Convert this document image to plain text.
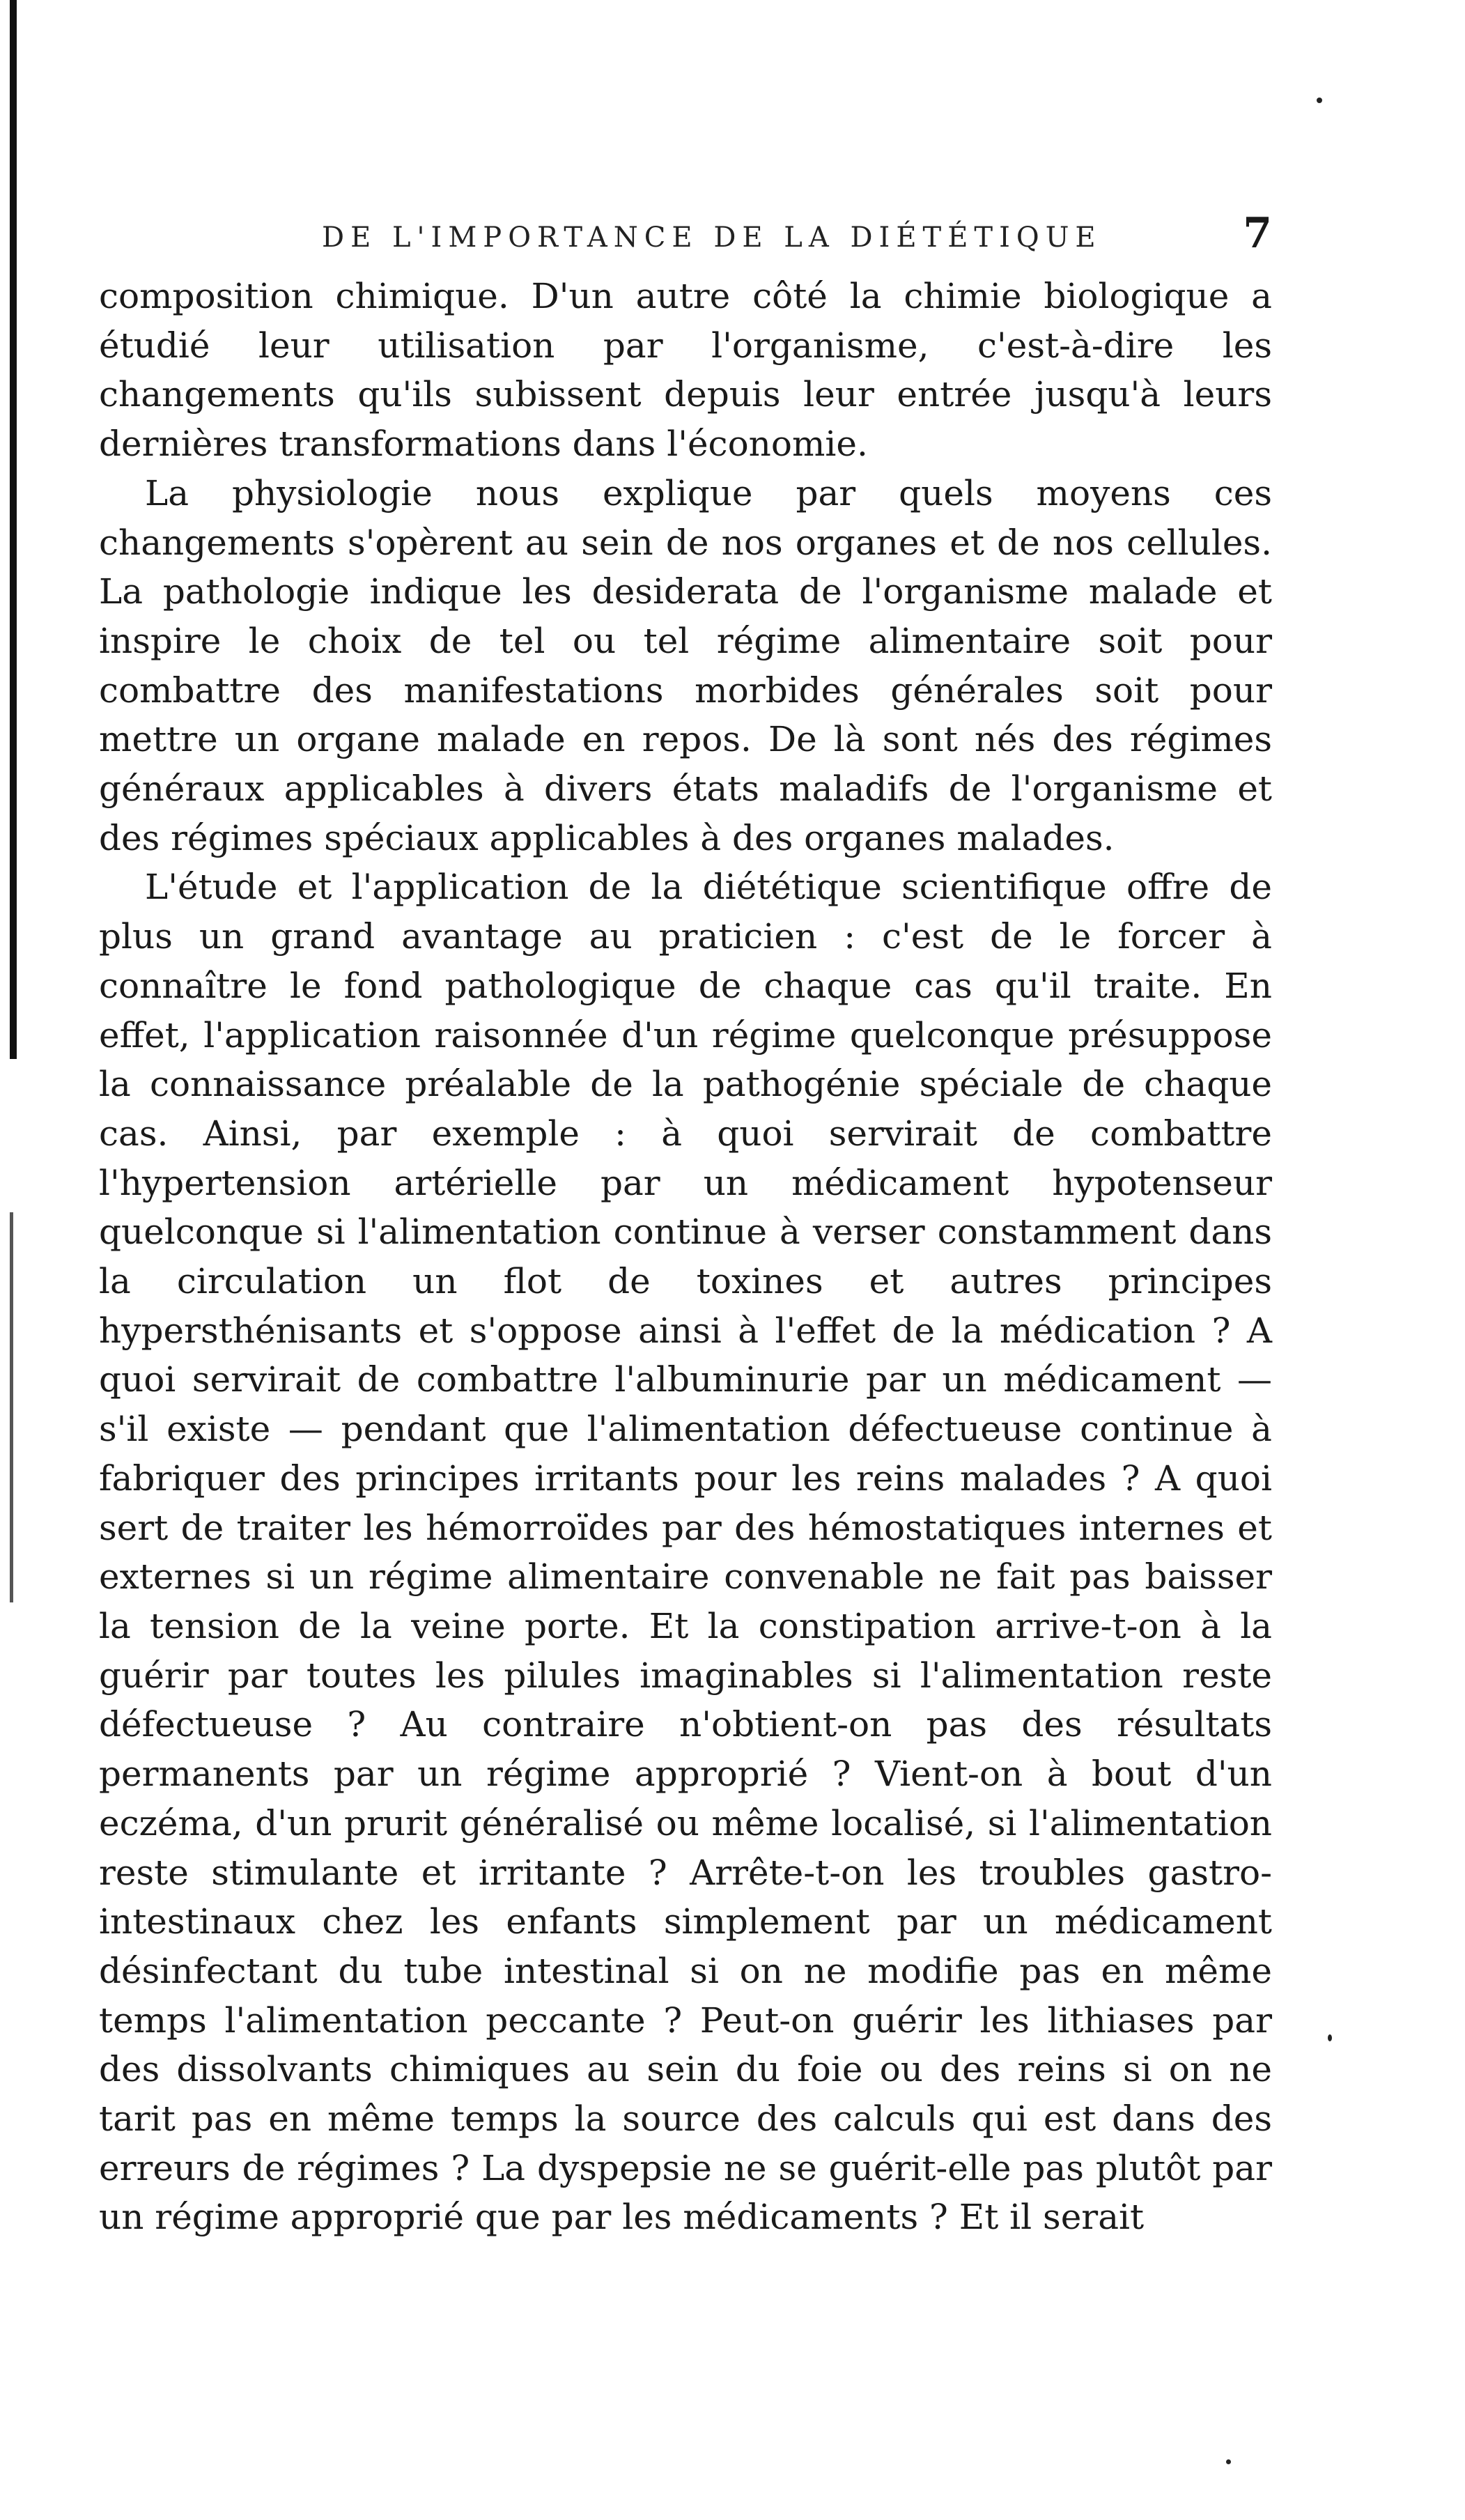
DE L'IMPORTANCE DE LA DIÉTÉTIQUE	7

composition chimique. D'un autre côté la chimie biologique a étudié leur utilisation par l'organisme, c'est-à-dire les changements qu'ils subissent depuis leur entrée jusqu'à leurs dernières transformations dans l'économie.

La physiologie nous explique par quels moyens ces changements s'opèrent au sein de nos organes et de nos cellules. La pathologie indique les desiderata de l'organisme malade et inspire le choix de tel ou tel régime alimentaire soit pour combattre des manifestations morbides générales soit pour mettre un organe malade en repos. De là sont nés des régimes généraux applicables à divers états maladifs de l'organisme et des régimes spéciaux applicables à des organes malades.

L'étude et l'application de la diététique scientifique offre de plus un grand avantage au praticien : c'est de le forcer à connaître le fond pathologique de chaque cas qu'il traite. En effet, l'application raisonnée d'un régime quelconque présuppose la connaissance préalable de la pathogénie spéciale de chaque cas. Ainsi, par exemple : à quoi servirait de combattre l'hypertension artérielle par un médicament hypotenseur quelconque si l'alimentation continue à verser constamment dans la circulation un flot de toxines et autres principes hypersthénisants et s'oppose ainsi à l'effet de la médication ? A quoi servirait de combattre l'albuminurie par un médicament — s'il existe — pendant que l'alimentation défectueuse continue à fabriquer des principes irritants pour les reins malades ? A quoi sert de traiter les hémorroïdes par des hémostatiques internes et externes si un régime alimentaire convenable ne fait pas baisser la tension de la veine porte. Et la constipation arrive-t-on à la guérir par toutes les pilules imaginables si l'alimentation reste défectueuse ? Au contraire n'obtient-on pas des résultats permanents par un régime approprié ? Vient-on à bout d'un eczéma, d'un prurit généralisé ou même localisé, si l'alimentation reste stimulante et irritante ? Arrête-t-on les troubles gastro-intestinaux chez les enfants simplement par un médicament désinfectant du tube intestinal si on ne modifie pas en même temps l'alimentation peccante ? Peut-on guérir les lithiases par des dissolvants chimiques au sein du foie ou des reins si on ne tarit pas en même temps la source des calculs qui est dans des erreurs de régimes ? La dyspepsie ne se guérit-elle pas plutôt par un régime approprié que par les médicaments ? Et il serait
